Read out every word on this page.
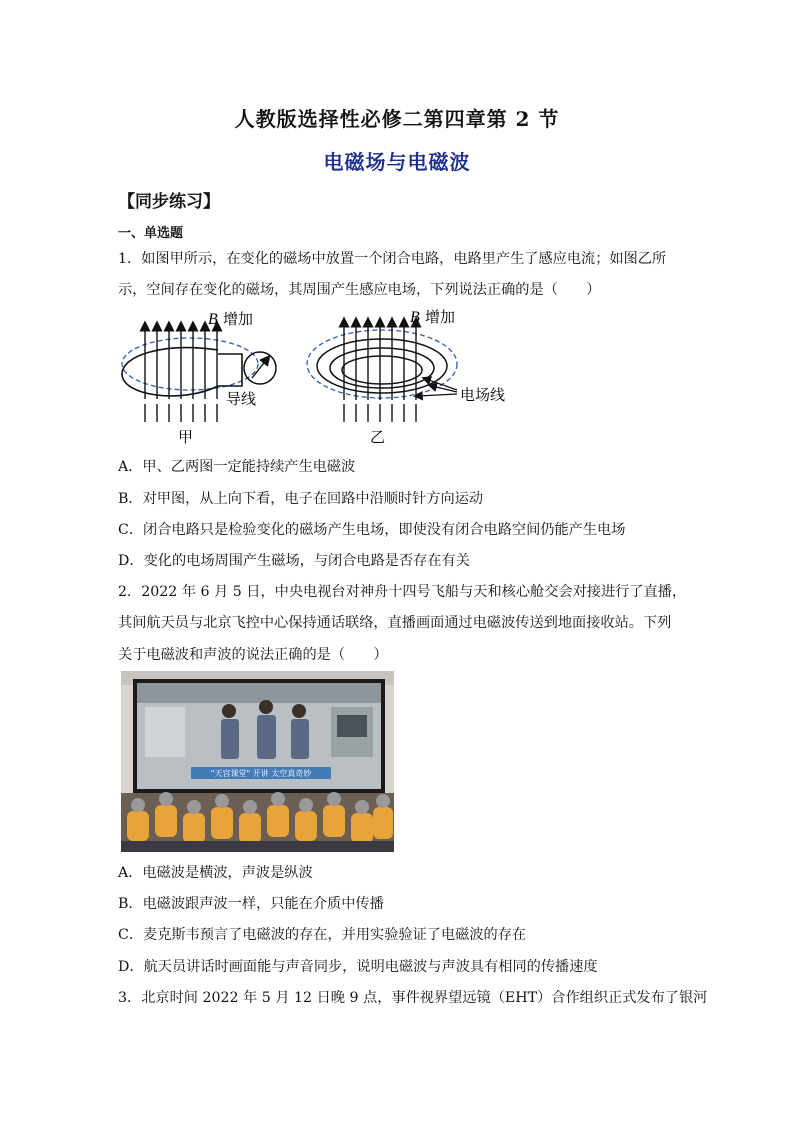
人教版选择性必修二第四章第 2 节
电磁场与电磁波
【同步练习】
一、单选题
1．如图甲所示，在变化的磁场中放置一个闭合电路，电路里产生了感应电流；如图乙所
示，空间存在变化的磁场，其周围产生感应电场，下列说法正确的是（　　）
B 增加
导线
甲
B 增加
电场线
乙
A．甲、乙两图一定能持续产生电磁波
B．对甲图，从上向下看，电子在回路中沿顺时针方向运动
C．闭合电路只是检验变化的磁场产生电场，即使没有闭合电路空间仍能产生电场
D．变化的电场周围产生磁场，与闭合电路是否存在有关
2．2022 年 6 月 5 日，中央电视台对神舟十四号飞船与天和核心舱交会对接进行了直播，
其间航天员与北京飞控中心保持通话联络，直播画面通过电磁波传送到地面接收站。下列
关于电磁波和声波的说法正确的是（　　）
"天宫课堂" 开讲 太空真奇妙
A．电磁波是横波，声波是纵波
B．电磁波跟声波一样，只能在介质中传播
C．麦克斯韦预言了电磁波的存在，并用实验验证了电磁波的存在
D．航天员讲话时画面能与声音同步，说明电磁波与声波具有相同的传播速度
3．北京时间 2022 年 5 月 12 日晚 9 点，事件视界望远镜（EHT）合作组织正式发布了银河
